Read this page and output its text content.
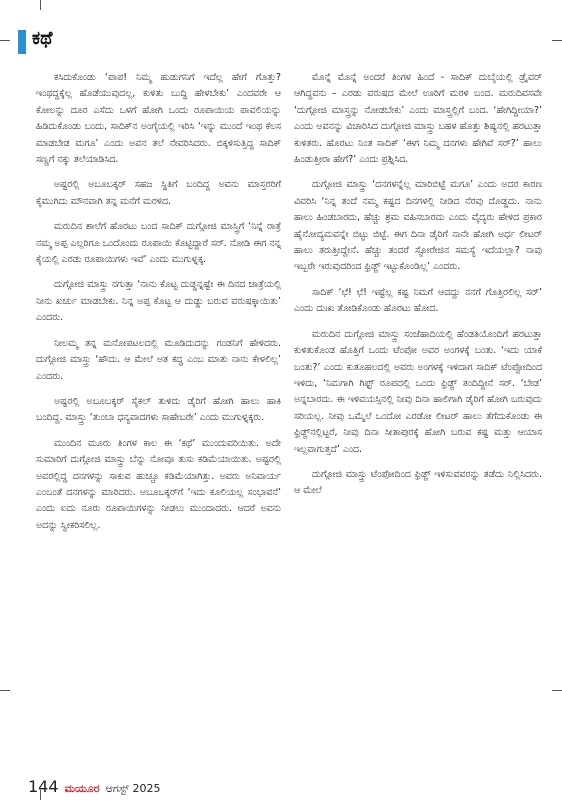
ಕಥೆ

ಕಸಿದುಕೊಂಡು ‘ಪಾಪ! ನಿಮ್ಮ ಹುಡುಗನಿಗೆ ಇದೆಲ್ಲ ಹೇಗೆ ಗೊತ್ತು? ಇಂಥದ್ದಕ್ಕೆಲ್ಲ ಹೊಡೆಯುವುದಲ್ಲ, ಕುಳಿತು ಬುದ್ಧಿ ಹೇಳಬೇಕು’ ಎಂದವರೇ ಆ ಕೋಲನ್ನು ದೂರ ಎಸೆದು ಒಳಗೆ ಹೋಗಿ ಒಂದು ರೂಪಾಯಿಯ ಪಾವಲಿಯನ್ನು ಹಿಡಿದುಕೊಂಡು ಬಂದು, ಸಾದಿಕ್‌ನ ಅಂಗೈಯಲ್ಲಿ ಇರಿಸಿ ‘ಇನ್ನು ಮುಂದೆ ಇಂಥ ಕೆಲಸ ಮಾಡಬೇಡ ಮಗೂ’ ಎಂದು ಅವನ ತಲೆ ನೇವರಿಸಿದರು. ಬಿಕ್ಕಳಿಸುತ್ತಿದ್ದ ಸಾದಿಕ್ ಸಣ್ಣಗೆ ನಕ್ಕು ತಲೆಯಾಡಿಸಿದ.

ಅಷ್ಟರಲ್ಲಿ ಅಬೂಬಕ್ಕರ್ ಸಹಜ ಸ್ಥಿತಿಗೆ ಬಂದಿದ್ದ ಅವನು ಮಾಸ್ತರರಿಗೆ ಕೈಮುಗಿದು ಮೌನವಾಗಿ ತನ್ನ ಮನೆಗೆ ಮರಳಿದ.

ಮರುದಿನ ಶಾಲೆಗೆ ಹೊರಟು ಬಂದ ಸಾದಿಕ್ ದುಗ್ಗೋಜಿ ಮಾಸ್ತ್ರಿಗೆ ‘ನಿನ್ನೆ ರಾತ್ರೆ ನಮ್ಮ ಅಪ್ಪ ಎಲ್ಲರಿಗೂ ಒಂದೊಂದು ರೂಪಾಯಿ ಕೊಟ್ಟಿದ್ದಾರೆ ಸರ್. ನೋಡಿ ಈಗ ನನ್ನ ಕೈಯಲ್ಲಿ ಎರಡು ರೂಪಾಯಿಗಳು ಇವೆ’ ಎಂದು ಮುಗುಳ್ನಕ್ಕ.

ದುಗ್ಗೋಜಿ ಮಾಸ್ತ್ರು ನಗುತ್ತಾ ‘ನಾನು ಕೊಟ್ಟ ದುಡ್ಡನ್ನಷ್ಟೇ ಈ ದಿನದ ಜಾತ್ರೆಯಲ್ಲಿ ನೀನು ಖರ್ಚು ಮಾಡಬೇಕು. ನಿನ್ನ ಅಪ್ಪ ಕೊಟ್ಟ ಆ ದುಡ್ಡು ಬರುವ ವರುಷಕ್ಕಾಯಿತು’ ಎಂದರು.

ನೀಲಮ್ಮ ತನ್ನ ಮನೋಪಟಲದಲ್ಲಿ ಮೂಡಿದುದನ್ನು ಗಂಡನಿಗೆ ಹೇಳಿದರು. ದುಗ್ಗೋಜಿ ಮಾಸ್ತ್ರು ‘ಹೌದು. ಆ ಮೇಲೆ ಅತ ಕದ್ದ ಎಂಬ ಮಾತು ನಾನು ಕೇಳಲಿಲ್ಲ’ ಎಂದರು.

ಅಷ್ಟರಲ್ಲಿ ಅಬೂಬಕ್ಕರ್ ಸೈಕಲ್ ತುಳಿದು ಡೈರಿಗೆ ಹೋಗಿ ಹಾಲು ಹಾಕಿ ಬಂದಿದ್ದ. ಮಾಸ್ತ್ರು ‘ತುಂಬಾ ಧನ್ಯವಾದಗಳು ಸಾಹೇಬರೇ’ ಎಂದು ಮುಗುಳ್ನಕ್ಕರು.

ಮುಂದಿನ ಮೂರು ತಿಂಗಳ ಕಾಲ ಈ ‘ಕಥೆ’ ಮುಂದುವರಿಯಿತು. ಅದೇ ಸುಮಾರಿಗೆ ದುಗ್ಗೋಜಿ ಮಾಸ್ತ್ರು ಬೆನ್ನು ನೋವೂ ತುಸು ಕಡಿಮೆಯಾಯಿತು. ಅಷ್ಟರಲ್ಲಿ ಅವರಲ್ಲಿದ್ದ ದನಗಳನ್ನು ಸಾಕುವ ಹುಚ್ಚೂ ಕಡಿಮೆಯಾಗಿತ್ತು. ಅವರು ಅನಿವಾರ್ಯ ಎಂಬಂತೆ ದನಗಳನ್ನು ಮಾರಿದರು. ಅಬೂಬಕ್ಕರ್‌ಗೆ ‘ಇದು ಕೂಲಿಯಲ್ಲ ಸಂಭಾವನೆ’ ಎಂದು ಐದು ನೂರು ರೂಪಾಯಿಗಳನ್ನು ನೀಡಲು ಮುಂದಾದರು. ಆದರೆ ಅವನು ಅದನ್ನು ಸ್ವೀಕರಿಸಲಿಲ್ಲ.

ಮೊನ್ನೆ ಮೊನ್ನೆ ಅಂದರೆ ತಿಂಗಳ ಹಿಂದೆ - ಸಾದಿಕ್ ದುಬೈಯಲ್ಲಿ ಡ್ರೈವರ್ ಆಗಿದ್ದವನು – ಎರಡು ವರುಷದ ಮೇಲೆ ಊರಿಗೆ ಮರಳಿ ಬಂದ. ಮರುದಿವಸವೇ ‘ದುಗ್ಗೋಜಿ ಮಾಸ್ತ್ರನ್ನು ನೋಡಬೇಕು’ ಎಂದು ಮಾಸ್ತ್ರಲ್ಲಿಗೆ ಬಂದ. ‘ಹೇಗಿದ್ದೀಯಾ?’ ಎಂದು ಅವನನ್ನು ವಿಚಾರಿಸಿದ ದುಗ್ಗೋಜಿ ಮಾಸ್ತ್ರು ಬಹಳ ಹೊತ್ತು ಶಿಷ್ಯನಲ್ಲಿ ಹರಟುತ್ತಾ ಕುಳಿತರು. ಹೊರಟು ನಿಂತ ಸಾದಿಕ್ ‘ಈಗ ನಿಮ್ಮ ದನಗಳು ಹೇಗಿವೆ ಸರ್?’ ಹಾಲು ಹಿಂಡುತ್ತೀರಾ ಹೇಗೆ?’ ಎಂದು ಪ್ರಶ್ನಿಸಿದ.

ದುಗ್ಗೋಜಿ ಮಾಸ್ತ್ರು ‘ದನಗಳನ್ನೆಲ್ಲ ಮಾರಿಬಿಟ್ಟೆ ಮಗೂ’ ಎಂದು ಅದರ ಕಾರಣ ವಿವರಿಸಿ ‘ನಿನ್ನ ತಂದೆ ನಮ್ಮ ಕಷ್ಟದ ದಿನಗಳಲ್ಲಿ ನೀಡಿದ ನೆರವು ದೊಡ್ಡದು. ನಾನು ಹಾಲು ಹಿಂಡಬಾರದು, ಹೆಚ್ಚು ಶ್ರಮ ವಹಿಸಬಾರದು ಎಂದು ವೈದ್ಯರು ಹೇಳಿದ ಪ್ರಕಾರ ಹೈನೋದ್ಯಮವನ್ನೇ ಬಿಟ್ಟು ಬಿಟ್ಟೆ. ಈಗ ದಿನಾ ಡೈರಿಗೆ ನಾನೇ ಹೋಗಿ ಅರ್ಧ ಲೀಟರ್ ಹಾಲು ತರುತ್ತೀದ್ದೇನೆ. ಹೆಚ್ಚು ತಂದರೆ ಸ್ಟೋರೇಜಿನ ಸಮಸ್ಯೆ ಇದೆಯಲ್ಲಾ? ನಾವು ಇಬ್ಬರೇ ಇರುವುದರಿಂದ ಫ್ರಿಡ್ಜ್ ಇಟ್ಟುಕೊಂಡಿಲ್ಲ’ ಎಂದರು.

ಸಾದಿಕ್ ‘ಛೆ! ಛೆ! ಇಷ್ಟೆಲ್ಲ ಕಷ್ಟ ನಿಮಗೆ ಆದದ್ದು ನನಗೆ ಗೊತ್ತಿರಲಿಲ್ಲ ಸರ್’ ಎಂದು ದುಃಖ ತೋಡಿಕೊಂಡು ಹೊರಟು ಹೋದ.

ಮರುದಿನ ದುಗ್ಗೋಜಿ ಮಾಸ್ತ್ರು ಸಂಜೆಹಾದಿಯಲ್ಲಿ ಹೆಂಡತಿಯೊಂದಿಗೆ ಹರಟುತ್ತಾ ಕುಳಿತುಕೊಂಡ ಹೊತ್ತಿಗೆ ಒಂದು ಟೆಂಪೋ ಅವರ ಅಂಗಳಕ್ಕೆ ಬಂತು. ‘ಇದು ಯಾಕೆ ಬಂತು?’ ಎಂದು ಕುತೂಹಲದಲ್ಲಿ ಅವರು ಅಂಗಳಕ್ಕೆ ಇಳಿದಾಗ ಸಾದಿಕ್ ಟೆಂಪ್ಪೋದಿಂದ ಇಳಿದು, ‘ನಿಮಗಾಗಿ ಗಿಫ್ಟ್ ರೂಪದಲ್ಲಿ ಒಂದು ಫ್ರಿಡ್ಜ್ ತಂದಿದ್ದೀನೆ ಸರ್. ‘ಬೇಡ’ ಅನ್ನಬಾರದು. ಈ ಇಳಿವಯಸ್ಸಿನಲ್ಲಿ ನೀವು ದಿನಾ ಹಾಲಿಗಾಗಿ ಡೈರಿಗೆ ಹೋಗಿ ಬರುವುದು ಸರಿಯಲ್ಲ. ನೀವು ಒಮ್ಮೆಲೆ ಒಂದೋ ಎರಡೋ ಲೀಟರ್ ಹಾಲು ತೆಗೆದುಕೊಂಡು ಈ ಫ್ರಿಡ್ಜ್‌ನಲ್ಲಿಟ್ಟರೆ, ನೀವು ದಿನಾ ಸೀತಾಪುರಕ್ಕೆ ಹೋಗಿ ಬರುವ ಕಷ್ಟ ಮತ್ತು ಆಯಾಸ ಇಲ್ಲವಾಗುತ್ತದೆ’ ಎಂದ.

ದುಗ್ಗೋಜಿ ಮಾಸ್ತ್ರು ಟೆಂಪೋದಿಂದ ಫ್ರಿಡ್ಜ್ ಇಳಿಸುವವರನ್ನು ತಡೆದು ನಿಲ್ಲಿಸಿದರು. ಆ ಮೇಲೆ

144 ಮಯೂರ ಆಗಸ್ಟ್ 2025
